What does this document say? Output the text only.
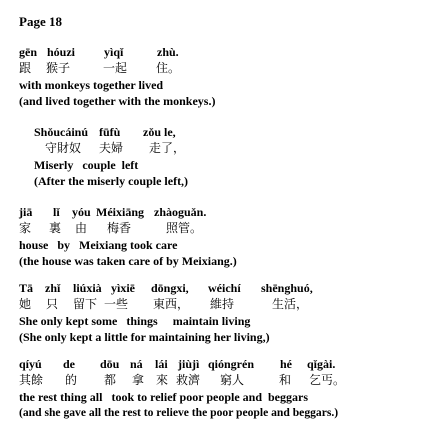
Page 18
gēn hóuzi yìqǐ	zhù.
跟 猴子	一起 住。
with monkeys together lived
(and lived together with the monkeys.)
Shǒucáinú fūfù zǒu le,
守財奴 夫婦 走了，
Miserly   couple  left
(After the miserly couple left,)
jiā lǐ yóu Méixiāng zhàoguǎn.
家 裏 由 梅香	照管。
house   by   Meixiang took care
(the house was taken care of by Meixiang.)
Tā zhǐ liúxià yìxiē dōngxi, wéichí shēnghuó,
她 只 留下 一些 東西， 維持	生活，
She only kept some   things     maintain living
(She only kept a little for maintaining her living,)
qíyú de dōu ná lái jiùjì qióngrén hé qǐgài.
其餘 的 都 拿 來 救濟 窮人	和 乞丐。
the rest thing all   took to relief poor people and  beggars
(and she gave all the rest to relieve the poor people and beggars.)
